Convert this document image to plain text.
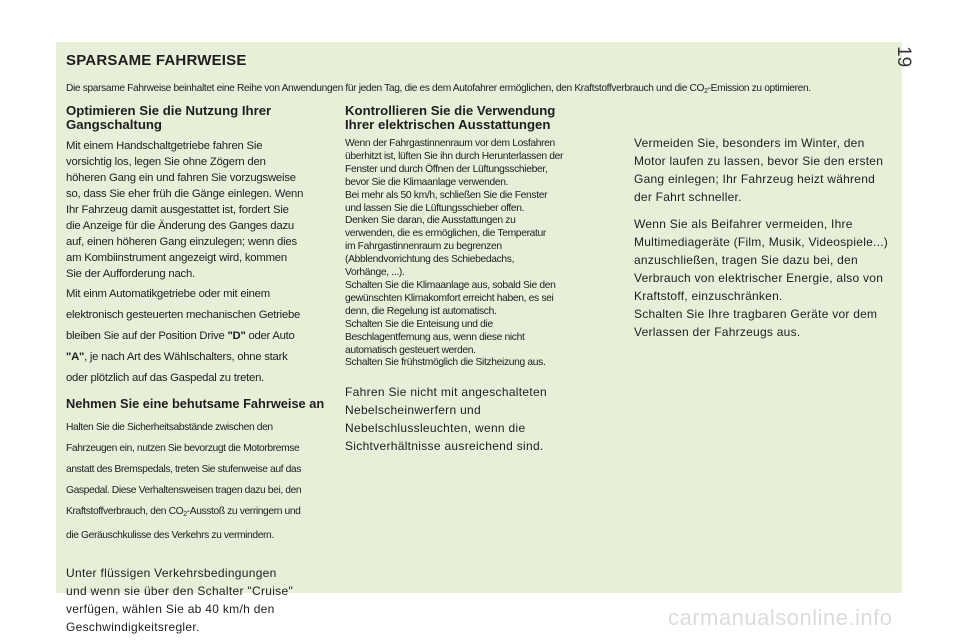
19
SPARSAME FAHRWEISE
Die sparsame Fahrweise beinhaltet eine Reihe von Anwendungen für jeden Tag, die es dem Autofahrer ermöglichen, den Kraftstoffverbrauch und die $CO_2$-Emission zu optimieren.
Optimieren Sie die Nutzung Ihrer
Gangschaltung

Mit einem Handschaltgetriebe fahren Sie

vorsichtig los, legen Sie ohne Zögern den

höheren Gang ein und fahren Sie vorzugsweise

so, dass Sie eher früh die Gänge einlegen. Wenn

Ihr Fahrzeug damit ausgestattet ist, fordert Sie

die Anzeige für die Änderung des Ganges dazu

auf, einen höheren Gang einzulegen; wenn dies

am Kombiinstrument angezeigt wird, kommen

Sie der Aufforderung nach.

Mit einm Automatikgetriebe oder mit einem

elektronisch gesteuerten mechanischen Getriebe

bleiben Sie auf der Position Drive "D" oder Auto

"A", je nach Art des Wählschalters, ohne stark

oder plötzlich auf das Gaspedal zu treten.

Nehmen Sie eine behutsame Fahrweise an

Halten Sie die Sicherheitsabstände zwischen den

Fahrzeugen ein, nutzen Sie bevorzugt die Motorbremse

anstatt des Bremspedals, treten Sie stufenweise auf das

Gaspedal. Diese Verhaltensweisen tragen dazu bei, den

Kraftstoffverbrauch, den $CO_2$-Ausstoß zu verringern und

die Geräuschkulisse des Verkehrs zu vermindern.

Unter flüssigen Verkehrsbedingungen

und wenn sie über den Schalter "Cruise"

verfügen, wählen Sie ab 40 km/h den

Geschwindigkeitsregler.

Kontrollieren Sie die Verwendung
Ihrer elektrischen Ausstattungen

Wenn der Fahrgastinnenraum vor dem Losfahren

überhitzt ist, lüften Sie ihn durch Herunterlassen der

Fenster und durch Öffnen der Lüftungsschieber,

bevor Sie die Klimaanlage verwenden.

Bei mehr als 50 km/h, schließen Sie die Fenster

und lassen Sie die Lüftungsschieber offen.

Denken Sie daran, die Ausstattungen zu

verwenden, die es ermöglichen, die Temperatur

im Fahrgastinnenraum zu begrenzen

(Abblendvorrichtung des Schiebedachs,

Vorhänge, ...).

Schalten Sie die Klimaanlage aus, sobald Sie den

gewünschten Klimakomfort erreicht haben, es sei

denn, die Regelung ist automatisch.

Schalten Sie die Enteisung und die

Beschlagentfernung aus, wenn diese nicht

automatisch gesteuert werden.

Schalten Sie frühstmöglich die Sitzheizung aus.

Fahren Sie nicht mit angeschalteten

Nebelscheinwerfern und

Nebelschlussleuchten, wenn die

Sichtverhältnisse ausreichend sind.

Vermeiden Sie, besonders im Winter, den

Motor laufen zu lassen, bevor Sie den ersten
Gang einlegen; Ihr Fahrzeug heizt während
der Fahrt schneller.
Wenn Sie als Beifahrer vermeiden, Ihre
Multimediageräte (Film, Musik, Videospiele...)
anzuschließen, tragen Sie dazu bei, den
Verbrauch von elektrischer Energie, also von
Kraftstoff, einzuschränken.
Schalten Sie Ihre tragbaren Geräte vor dem
Verlassen der Fahrzeugs aus.
carmanualsonline.info
